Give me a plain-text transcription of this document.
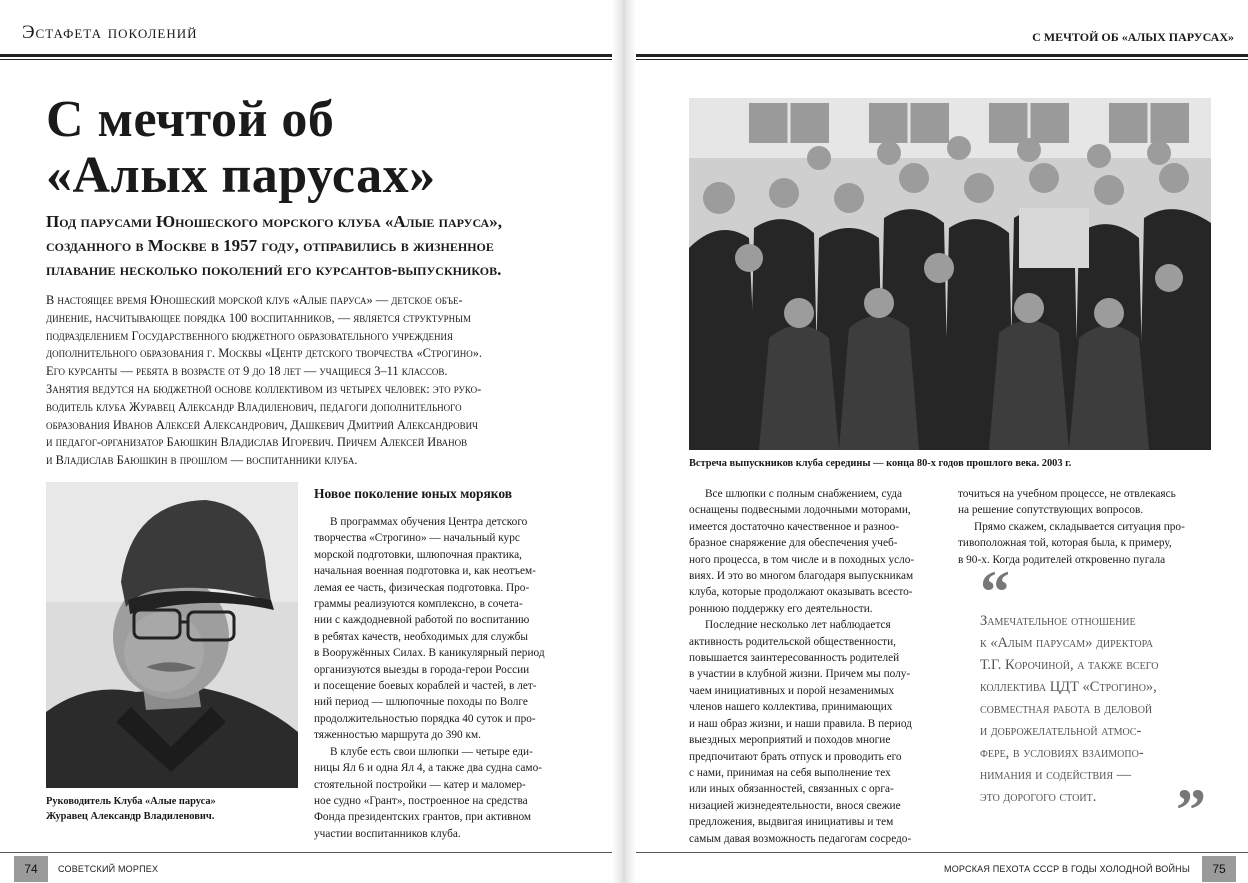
Эстафета поколений
С мечтой об
«Алых парусах»
Под парусами Юношеского морского клуба «Алые паруса»,
созданного в Москве в 1957 году, отправились в жизненное
плавание несколько поколений его курсантов-выпускников.
В настоящее время Юношеский морской клуб «Алые паруса» — детское объе-
динение, насчитывающее порядка 100 воспитанников, — является структурным
подразделением Государственного бюджетного образовательного учреждения
дополнительного образования г. Москвы «Центр детского творчества «Строгино».
Его курсанты — ребята в возрасте от 9 до 18 лет — учащиеся 3–11 классов.
Занятия ведутся на бюджетной основе коллективом из четырех человек: это руко-
водитель клуба Журавец Александр Владиленович, педагоги дополнительного
образования Иванов Алексей Александрович, Дашкевич Дмитрий Александрович
и педагог-организатор Баюшкин Владислав Игоревич. Причем Алексей Иванов
и Владислав Баюшкин в прошлом — воспитанники клуба.
Руководитель Клуба «Алые паруса»
Журавец Александр Владиленович.
Новое поколение юных моряков
В программах обучения Центра детского
творчества «Строгино» — начальный курс
морской подготовки, шлюпочная практика,
начальная военная подготовка и, как неотъем-
лемая ее часть, физическая подготовка. Про-
граммы реализуются комплексно, в сочета-
нии с каждодневной работой по воспитанию
в ребятах качеств, необходимых для службы
в Вооружённых Силах. В каникулярный период
организуются выезды в города-герои России
и посещение боевых кораблей и частей, в лет-
ний период — шлюпочные походы по Волге
продолжительностью порядка 40 суток и про-
тяженностью маршрута до 390 км.
В клубе есть свои шлюпки — четыре еди-
ницы Ял 6 и одна Ял 4, а также два судна само-
стоятельной постройки — катер и маломер-
ное судно «Грант», построенное на средства
Фонда президентских грантов, при активном
участии воспитанников клуба.
74	СОВЕТСКИЙ МОРПЕХ
С МЕЧТОЙ ОБ «АЛЫХ ПАРУСАХ»
Встреча выпускников клуба середины — конца 80-х годов прошлого века. 2003 г.
Все шлюпки с полным снабжением, суда
оснащены подвесными лодочными моторами,
имеется достаточно качественное и разноо-
бразное снаряжение для обеспечения учеб-
ного процесса, в том числе и в походных усло-
виях. И это во многом благодаря выпускникам
клуба, которые продолжают оказывать всесто-
роннюю поддержку его деятельности.
Последние несколько лет наблюдается
активность родительской общественности,
повышается заинтересованность родителей
в участии в клубной жизни. Причем мы полу-
чаем инициативных и порой незаменимых
членов нашего коллектива, принимающих
и наш образ жизни, и наши правила. В период
выездных мероприятий и походов многие
предпочитают брать отпуск и проводить его
с нами, принимая на себя выполнение тех
или иных обязанностей, связанных с орга-
низацией жизнедеятельности, внося свежие
предложения, выдвигая инициативы и тем
самым давая возможность педагогам сосредо-
точиться на учебном процессе, не отвлекаясь
на решение сопутствующих вопросов.
Прямо скажем, складывается ситуация про-
тивоположная той, которая была, к примеру,
в 90-х. Когда родителей откровенно пугала
“
Замечательное отношение
к «Алым парусам» директора
Т.Г. Корочиной, а также всего
коллектива ЦДТ «Строгино»,
совместная работа в деловой
и доброжелательной атмос-
фере, в условиях взаимопо-
нимания и содействия —
это дорогого стоит.	”
МОРСКАЯ ПЕХОТА СССР В ГОДЫ ХОЛОДНОЙ ВОЙНЫ	75
